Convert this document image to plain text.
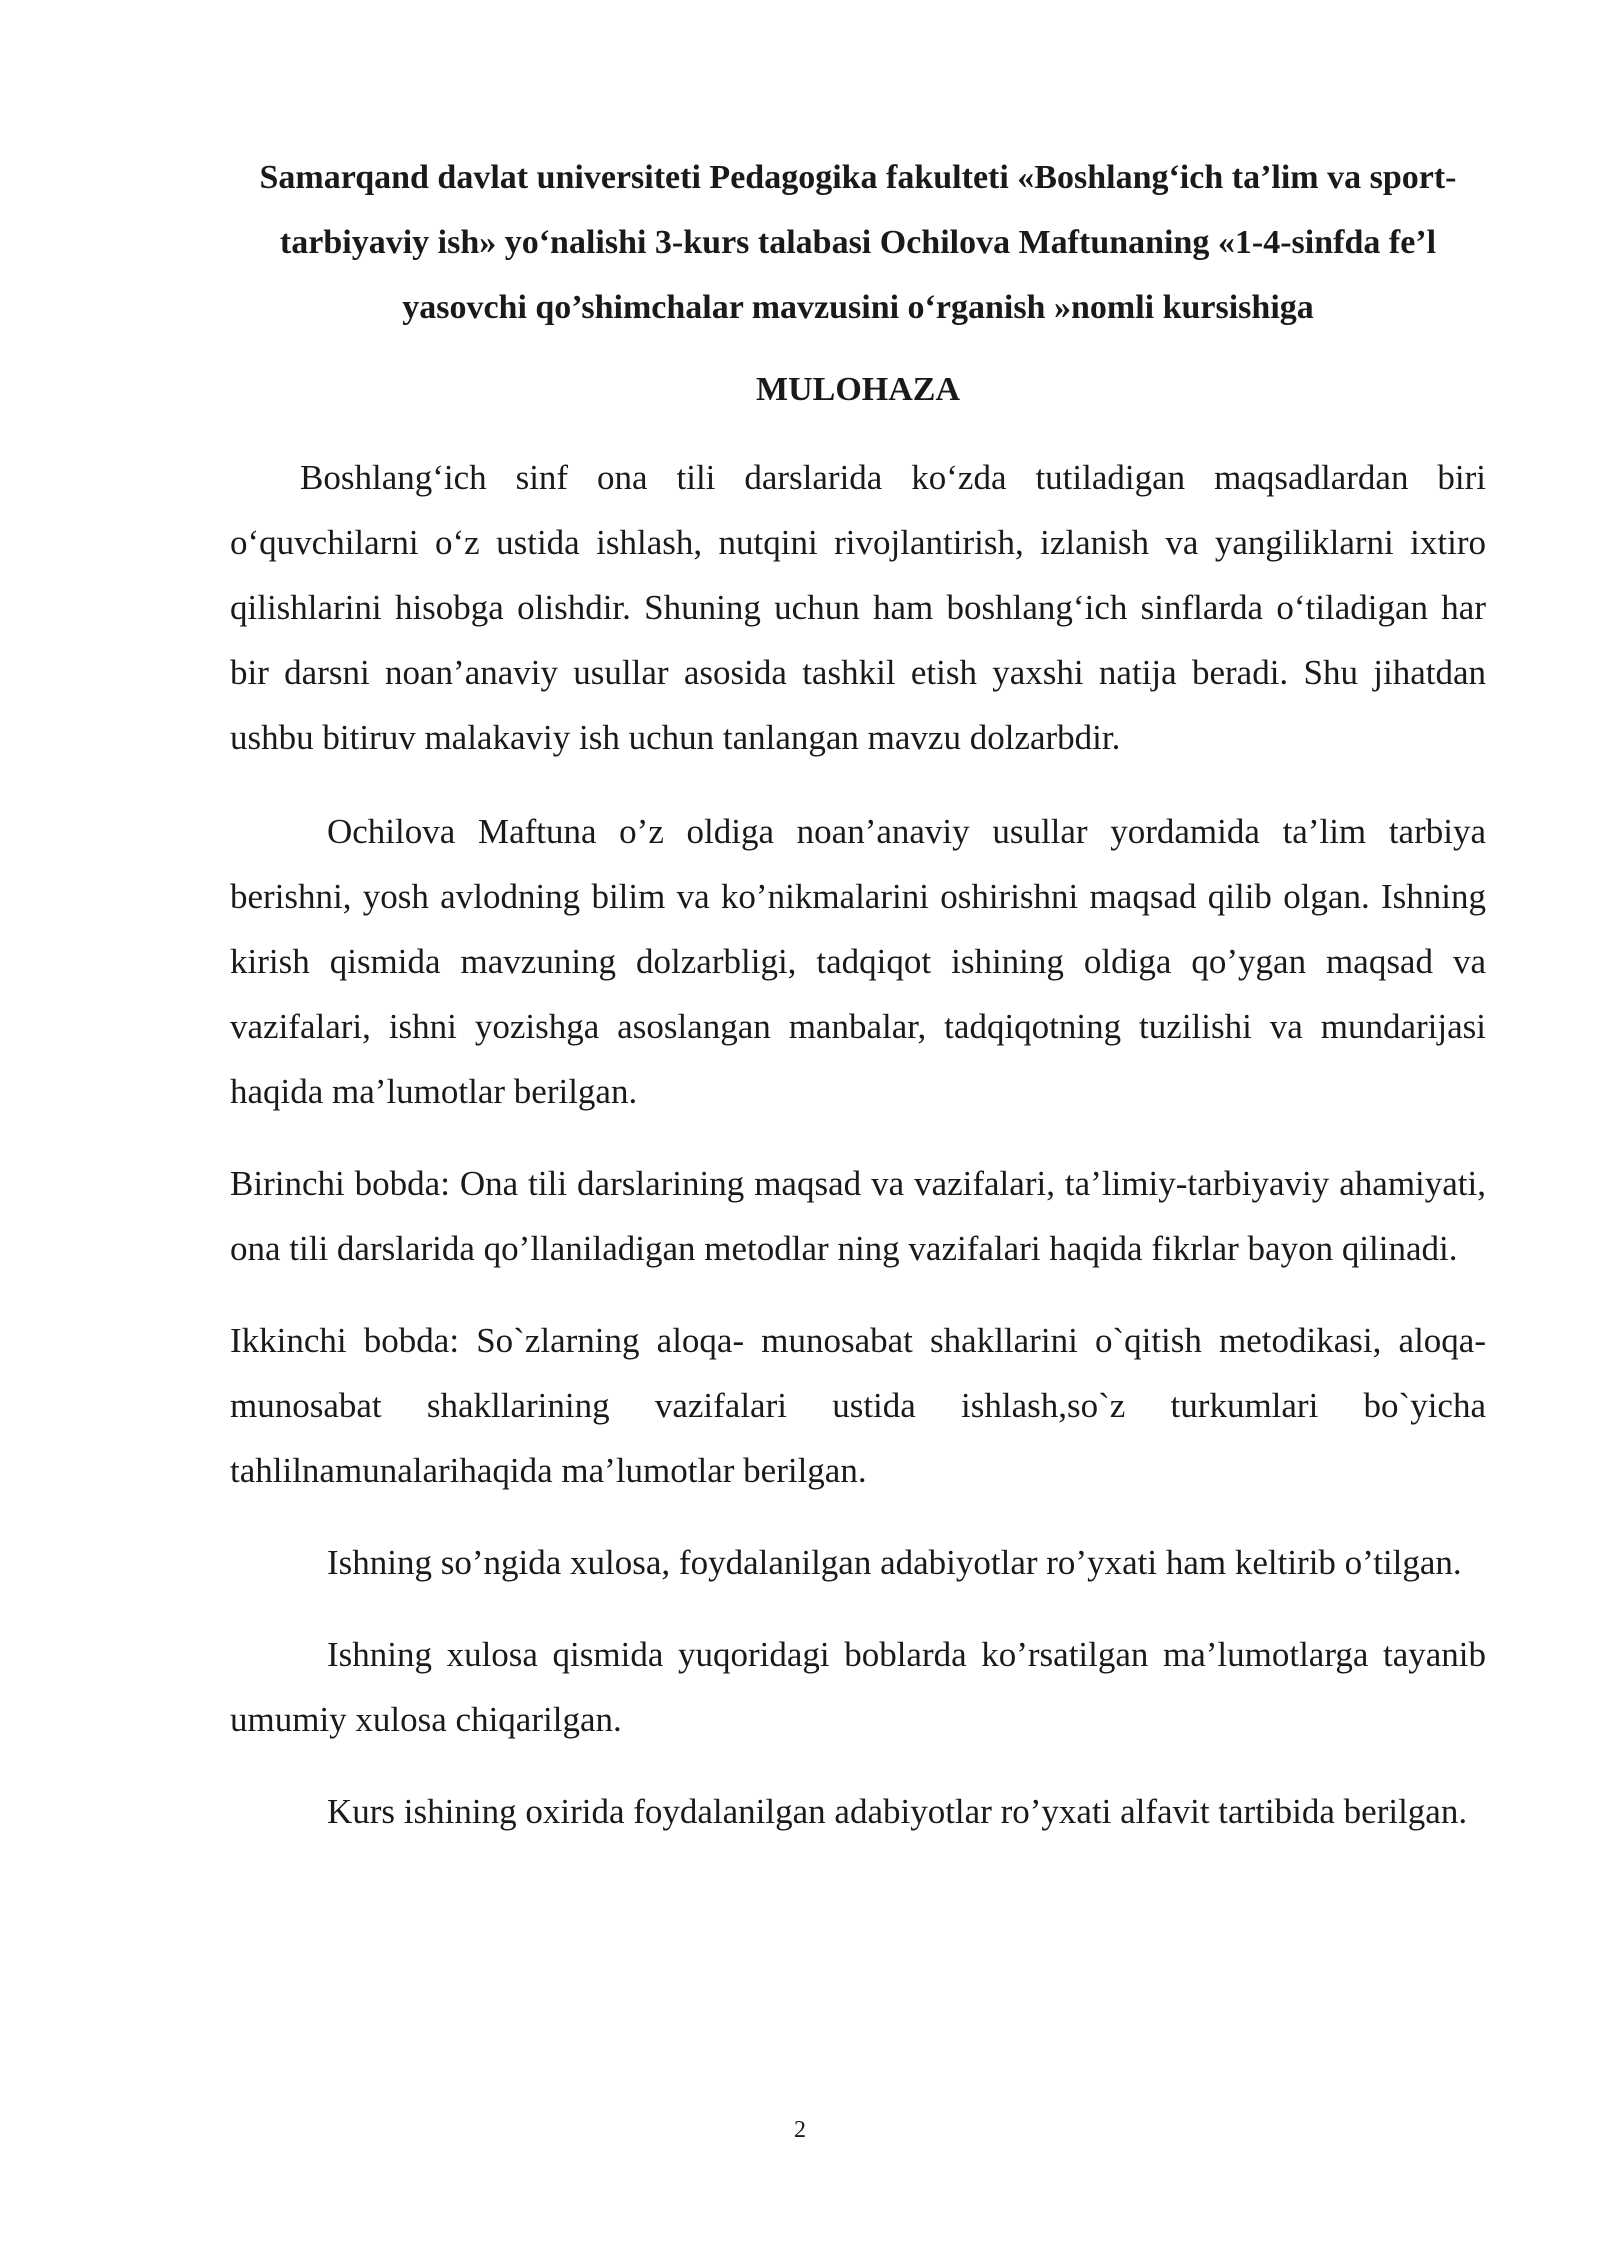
Samarqand davlat universiteti Pedagogika fakulteti «Boshlang‘ich ta’lim va sport-tarbiyaviy ish» yo‘nalishi 3-kurs talabasi Ochilova Maftunaning «1-4-sinfda fe’l yasovchi qo’shimchalar mavzusini o‘rganish »nomli kursishiga

MULOHAZA

Boshlang‘ich sinf ona tili darslarida ko‘zda tutiladigan maqsadlardan biri o‘quvchilarni o‘z ustida ishlash, nutqini rivojlantirish, izlanish va yangiliklarni ixtiro qilishlarini hisobga olishdir. Shuning uchun ham boshlang‘ich sinflarda o‘tiladigan har bir darsni noan’anaviy usullar asosida tashkil etish yaxshi natija beradi. Shu jihatdan ushbu bitiruv malakaviy ish uchun tanlangan mavzu dolzarbdir.

Ochilova Maftuna o’z oldiga noan’anaviy usullar yordamida ta’lim tarbiya berishni, yosh avlodning bilim va ko’nikmalarini oshirishni maqsad qilib olgan. Ishning kirish qismida mavzuning dolzarbligi, tadqiqot ishining oldiga qo’ygan maqsad va vazifalari, ishni yozishga asoslangan manbalar, tadqiqotning tuzilishi va mundarijasi haqida ma’lumotlar berilgan.

Birinchi bobda: Ona tili darslarining maqsad va vazifalari, ta’limiy-tarbiyaviy ahamiyati, ona tili darslarida qo’llaniladigan metodlar ning vazifalari haqida fikrlar bayon qilinadi.

Ikkinchi bobda: So`zlarning aloqa- munosabat shakllarini o`qitish metodikasi, aloqa-munosabat shakllarining vazifalari ustida ishlash,so`z turkumlari bo`yicha tahlilnamunalarihaqida ma’lumotlar berilgan.

Ishning so’ngida xulosa, foydalanilgan adabiyotlar ro’yxati ham keltirib o’tilgan.

Ishning xulosa qismida yuqoridagi boblarda ko’rsatilgan ma’lumotlarga tayanib umumiy xulosa chiqarilgan.

Kurs ishining oxirida foydalanilgan adabiyotlar ro’yxati alfavit tartibida berilgan.

2
